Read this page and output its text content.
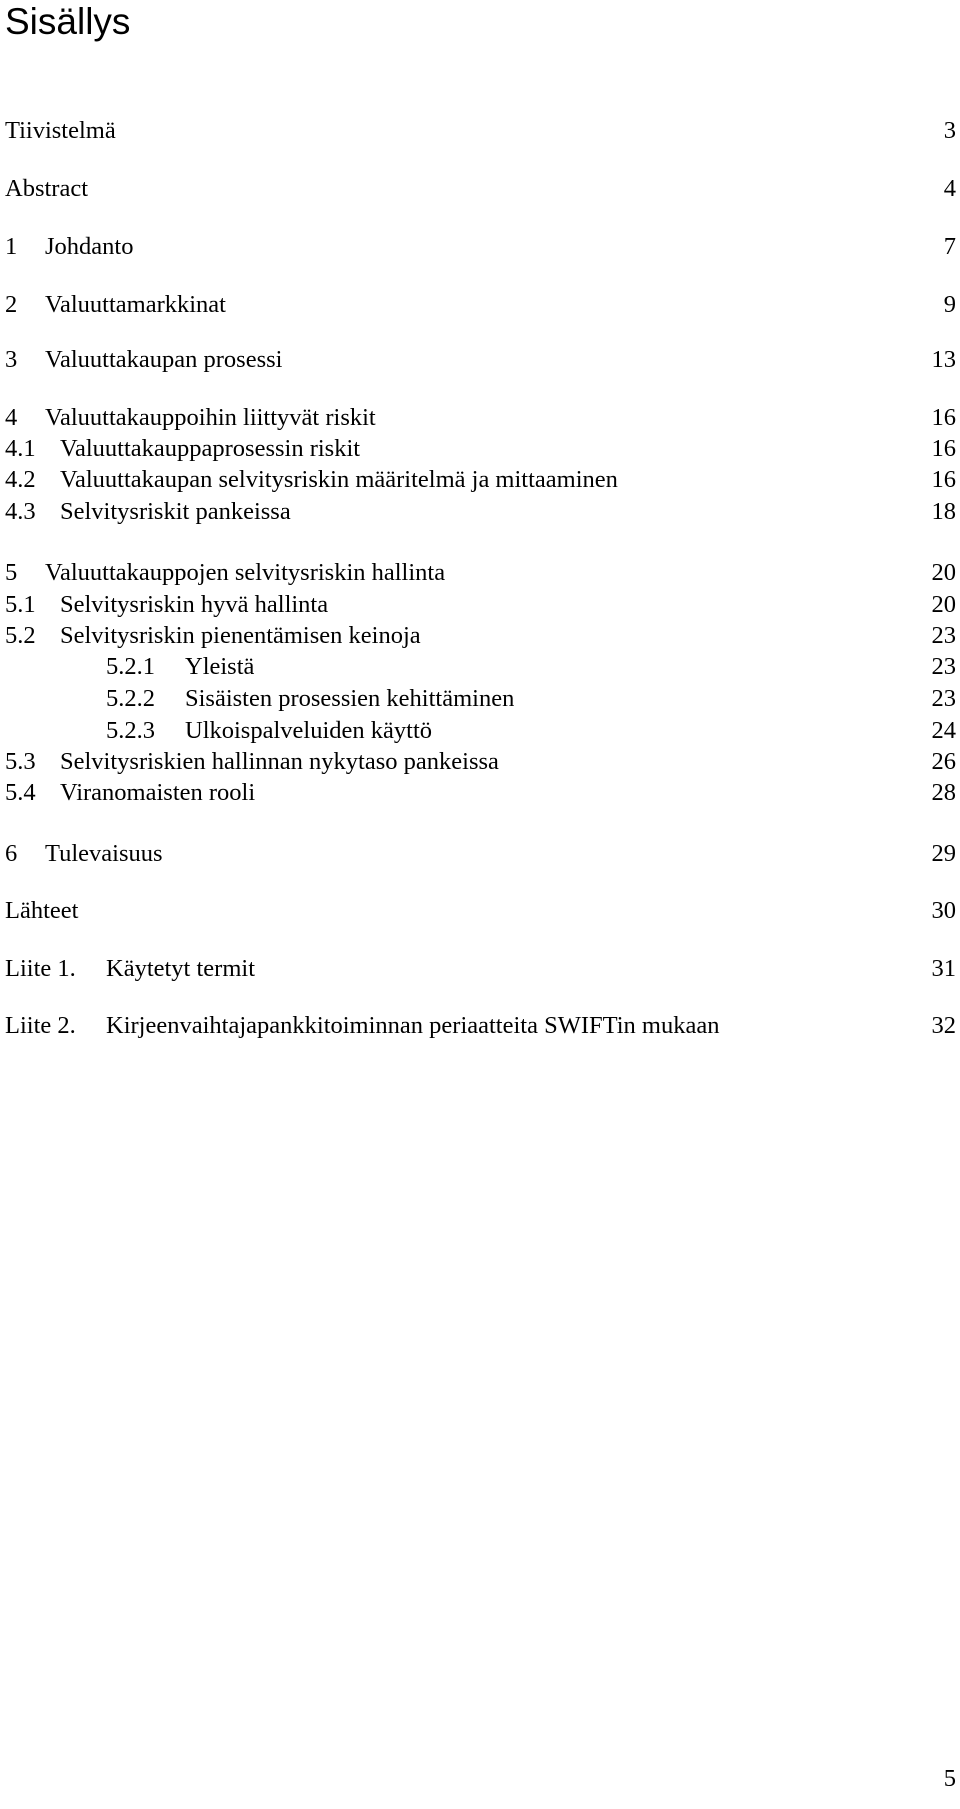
Sisällys
Tiivistelmä	3
Abstract	4
1 Johdanto	7
2 Valuuttamarkkinat	9
3 Valuuttakaupan prosessi	13
4 Valuuttakauppoihin liittyvät riskit	16
4.1 Valuuttakauppaprosessin riskit	16
4.2 Valuuttakaupan selvitysriskin määritelmä ja mittaaminen	16
4.3 Selvitysriskit pankeissa	18
5 Valuuttakauppojen selvitysriskin hallinta	20
5.1 Selvitysriskin hyvä hallinta	20
5.2 Selvitysriskin pienentämisen keinoja	23
5.2.1 Yleistä	23
5.2.2 Sisäisten prosessien kehittäminen	23
5.2.3 Ulkoispalveluiden käyttö	24
5.3 Selvitysriskien hallinnan nykytaso pankeissa	26
5.4 Viranomaisten rooli	28
6 Tulevaisuus	29
Lähteet	30
Liite 1. Käytetyt termit	31
Liite 2. Kirjeenvaihtajapankkitoiminnan periaatteita SWIFTin mukaan	32
5
